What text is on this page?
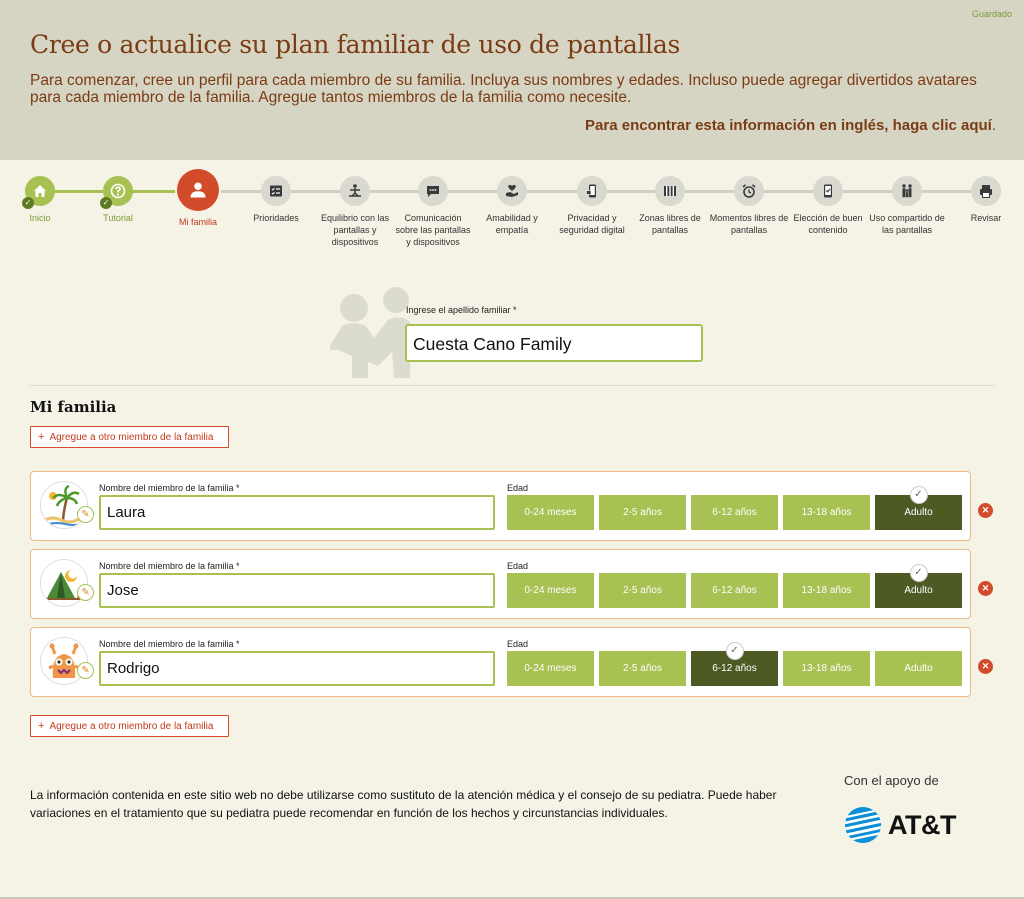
Guardado
Cree o actualice su plan familiar de uso de pantallas

Para comenzar, cree un perfil para cada miembro de su familia. Incluya sus nombres y edades. Incluso puede agregar divertidos avatares para cada miembro de la familia. Agregue tantos miembros de la familia como necesite.

Para encontrar esta información en inglés, haga clic aquí.
✓
Inicio
✓
Tutorial	Mi familia	Prioridades	Equilibrio con las pantallas y dispositivos
Comunicación sobre las pantallas y dispositivos
Amabilidad y empatía
Privacidad y seguridad digital
Zonas libres de pantallas
Momentos libres de pantallas
Elección de buen contenido
Uso compartido de las pantallas
Revisar
Ingrese el apellido familiar *
Cuesta Cano Family
Mi familia
+ Agregue a otro miembro de la familia
✎
Nombre del miembro de la familia *
Laura
Edad
0-24 meses	2-5 años	6-12 años	13-18 años	Adulto
✓
✕
✎
Nombre del miembro de la familia *
Jose
Edad
0-24 meses	2-5 años	6-12 años	13-18 años	Adulto
✓
✕
✎
Nombre del miembro de la familia *
Rodrigo
Edad
0-24 meses	2-5 años	6-12 años
✓
13-18 años	Adulto	✕
+ Agregue a otro miembro de la familia

La información contenida en este sitio web no debe utilizarse como sustituto de la atención médica y el consejo de su pediatra. Puede haber variaciones en el tratamiento que su pediatra puede recomendar en función de los hechos y circunstancias individuales.

Con el apoyo de
AT&T
